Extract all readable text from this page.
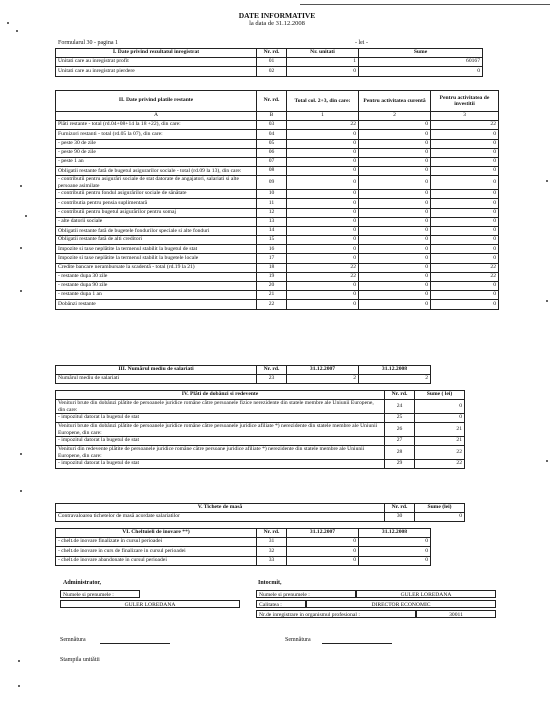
DATE INFORMATIVE
la data de 31.12.2008
Formularul 30 - pagina 1	- lei -
I. Date privind rezultatul inregistrat	Nr. rd.	Nr. unitati	Sume
Unitati care au inregistrat profit	01	1	60167
Unitati care au inregistrat pierdere	02	0	0
II. Date privind platile restante	Nr. rd.	Total col. 2+3, din care:	Pentru activitatea curentă	Pentru activitatea de investitii
A	B	1	2	3
Plăti restante - total (rd.04+08+14 la 18 +22), din care:	03	22	0	22
Furnizori restanti - total (rd.05 la 07), din care:	04	0	0	0
- peste 30 de zile	05	0	0	0
- peste 90 de zile	06	0	0	0
- peste 1 an	07	0	0	0
Obligatii restante fată de bugetul asigurarilor sociale - total (rd.09 la 13), din care:	08	0	0	0
- contributii pentru asigurări sociale de stat datorate de angajatori, salariati si alte persoane asimilate	09	0	0	0
- contributii pentru fondul asigurărilor sociale de sănătate	10	0	0	0
- contributia pentru pensia suplimentară	11	0	0	0
- contributii pentru bugetul asigurărilor pentru somaj	12	0	0	0
- alte datorii sociale	13	0	0	0
Obligatii restante fată de bugetele fondurilor speciale si alte fonduri	14	0	0	0
Obligatii restante fată de alti creditori	15	0	0	0
Impozite si taxe neplătite la termenul stabilit la bugetul de stat	16	0	0	0
Impozite si taxe neplătite la termenul stabilit la bugetele locale	17	0	0	0
Credite bancare nerambursate la scadentă - total (rd.19 la 21)	18	22	0	22
- restante dupa 30 zile	19	22	0	22
- restante dupa 90 zile	20	0	0	0
- restante dupa 1 an	21	0	0	0
Dobânzi restante	22	0	0	0
III. Numărul mediu de salariati	Nr. rd.	31.12.2007	31.12.2008
Numărul mediu de salariati	23	2	2
IV. Plăti de dobânzi si redevente	Nr. rd.	Sume ( lei)
Venituri brute din dobânzi plătite de persoanele juridice române către persoanele fizice nerezidente din statele membre ale Uniunii Europene, din care:	24	0
- impozitul datorat la bugetul de stat	25	0
Venituri brute din dobânzi plătite de persoanele juridice române către persoanele juridice afiliate *) nerezidente din statele membre ale Uniunii Europene, din care:	26	21
- impozitul datorat la bugetul de stat	27	21
Venituri din redevente plătite de persoanele juridice române către persoane juridice afiliate *) nerezidente din statele membre ale Uniunii Europene, din care:	28	22
- impozitul datorat la bugetul de stat	29	22
V. Tichete de masă	Nr. rd.	Sume (lei)
Contravaloarea tichetelor de masă acordate salariatilor	30	0
VI. Cheltuieli de inovare **)	Nr. rd.	31.12.2007	31.12.2008
- chelt.de inovare finalizate in cursul perioadei	31	0	0
- chelt.de inovare in curs de finalizare in cursul perioadei	32	0	0
- chelt.de inovare abandonate in cursul perioadei	33	0	0
Administrator,
Numele si prenumele :
GULER LOREDANA
Intocmit,
Numele si prenumele :	GULER LOREDANA
Calitatea :	DIRECTOR ECONOMIC
Nr.de inregistrare in organismul profesional :	30011
Semnătura	Semnătura
Stampila unitătii
